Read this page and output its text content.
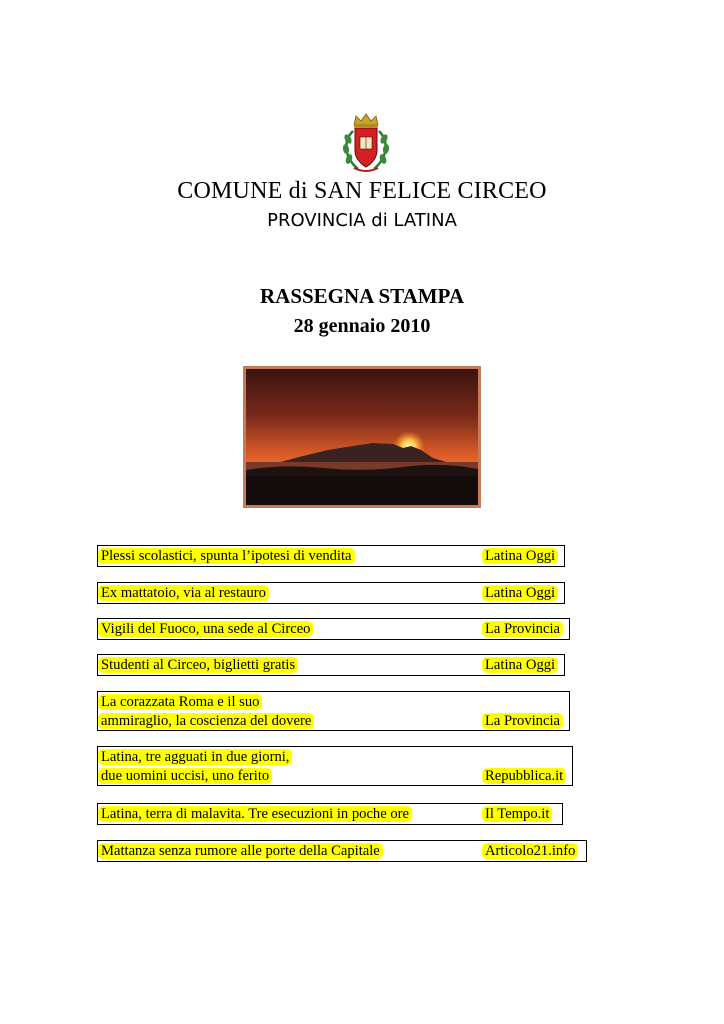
COMUNE di SAN FELICE CIRCEO
PROVINCIA di LATINA
RASSEGNA STAMPA
28 gennaio 2010
Plessi scolastici, spunta l’ipotesi di vendita	Latina Oggi
Ex mattatoio, via al restauro	Latina Oggi
Vigili del Fuoco, una sede al Circeo	La Provincia
Studenti al Circeo, biglietti gratis	Latina Oggi
La corazzata Roma e il suo
ammiraglio, la coscienza del dovere	La Provincia
Latina, tre agguati in due giorni,
due uomini uccisi, uno ferito	Repubblica.it
Latina, terra di malavita. Tre esecuzioni in poche ore	Il Tempo.it
Mattanza senza rumore alle porte della Capitale	Articolo21.info
